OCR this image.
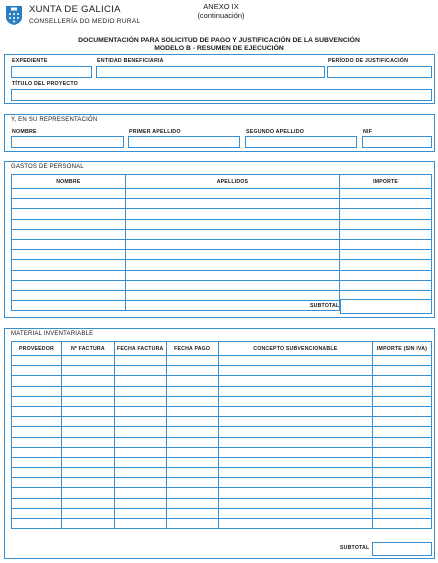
XUNTA DE GALICIA
CONSELLERÍA DO MEDIO RURAL
ANEXO IX
(continuación)
DOCUMENTACIÓN PARA SOLICITUD DE PAGO Y JUSTIFICACIÓN DE LA SUBVENCIÓN
MODELO B - RESUMEN DE EJECUCIÓN
EXPEDIENTE	ENTIDAD BENEFICIARIA	PERÍODO DE JUSTIFICACIÓN
TÍTULO DEL PROYECTO
Y, EN SU REPRESENTACIÓN
NOMBRE	PRIMER APELLIDO	SEGUNDO APELLIDO	NIF
GASTOS DE PERSONAL
NOMBRE	APELLIDOS	IMPORTE

SUBTOTAL
MATERIAL INVENTARIABLE
PROVEEDOR	Nº FACTURA	FECHA FACTURA	FECHA PAGO	CONCEPTO SUBVENCIONABLE	IMPORTE (SIN IVA)

SUBTOTAL
